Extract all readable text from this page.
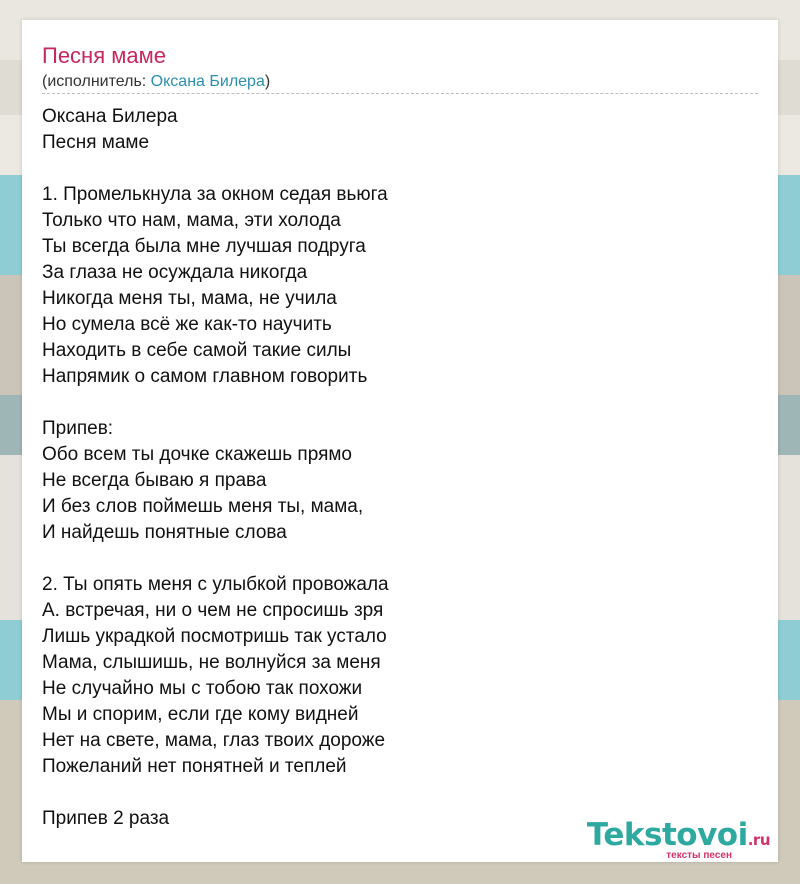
Песня маме
(исполнитель: Оксана Билера)
Оксана Билера
Песня маме
1. Промелькнула за окном седая вьюга
Только что нам, мама, эти холода
Ты всегда была мне лучшая подруга
За глаза не осуждала никогда
Никогда меня ты, мама, не учила
Но сумела всё же как-то научить
Находить в себе самой такие силы
Напрямик о самом главном говорить
Припев:
Обо всем ты дочке скажешь прямо
Не всегда бываю я права
И без слов поймешь меня ты, мама,
И найдешь понятные слова
2. Ты опять меня с улыбкой провожала
А. встречая, ни о чем не спросишь зря
Лишь украдкой посмотришь так устало
Мама, слышишь, не волнуйся за меня
Не случайно мы с тобою так похожи
Мы и спорим, если где кому видней
Нет на свете, мама, глаз твоих дороже
Пожеланий нет понятней и теплей
Припев 2 раза	Tekstovoi.ru
тексты песен
